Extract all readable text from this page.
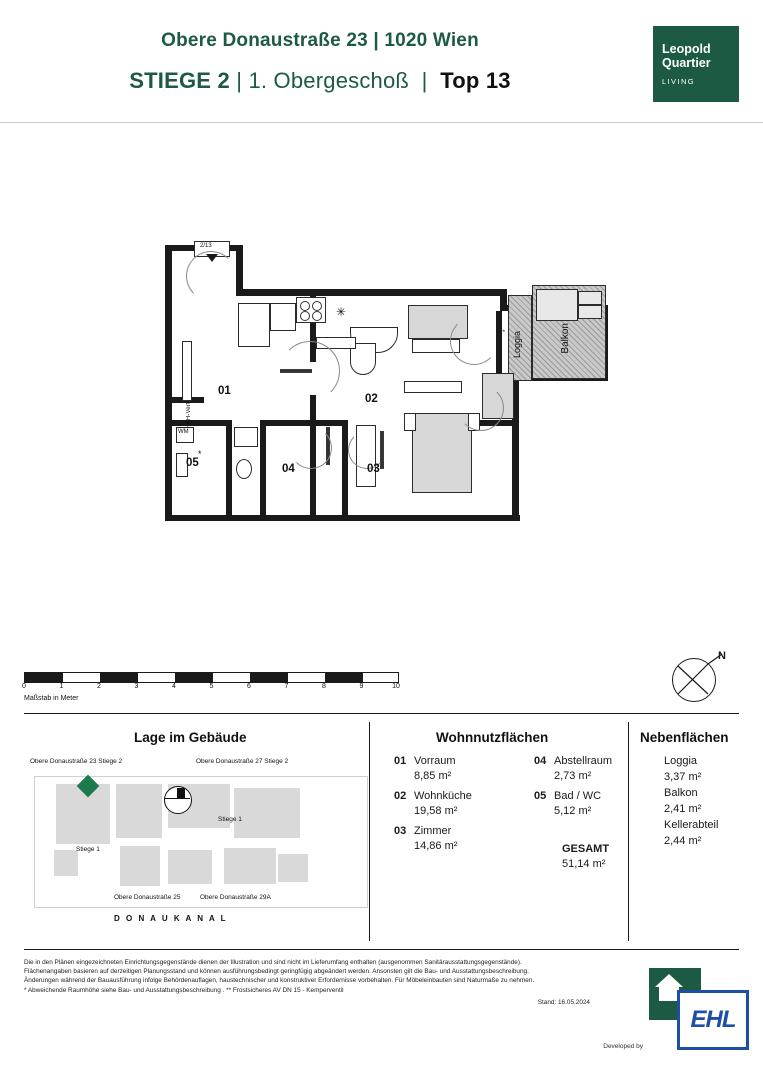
Obere Donaustraße 23 | 1020 Wien
STIEGE 2 | 1. Obergeschoß | Top 13
Leopold
Quartier
LIVING
Loggia	Balkon
**
2/13
FBH-Vert.
✳
WM
*
01
02
03
04
05
0	1	2	3	4	5	6	7	8	9	10
Maßstab in Meter
N
Lage im Gebäude	Wohnnutzflächen	Nebenflächen
Obere Donaustraße 23 Stiege 2	Obere Donaustraße 27 Stiege 2
Stiege 1
Stiege 1
Obere Donaustraße 25	Obere Donaustraße 29A
D O N A U K A N A L
01 Vorraum
8,85 m²
02 Wohnküche
19,58 m²
03 Zimmer
14,86 m²
04 Abstellraum
2,73 m²
05 Bad / WC
5,12 m²
GESAMT
51,14 m²
Loggia
3,37 m²
Balkon
2,41 m²
Kellerabteil
2,44 m²
Die in den Plänen eingezeichneten Einrichtungsgegenstände dienen der Illustration und sind nicht im Lieferumfang enthalten (ausgenommen Sanitärausstattungsgegenstände).
Flächenangaben basieren auf derzeitigen Planungsstand und können ausführungsbedingt geringfügig abgeändert werden. Ansonsten gilt die Bau- und Ausstattungsbeschreibung.
Änderungen während der Bauausführung infolge Behördenauflagen, haustechnischer und konstruktiver Erfordernisse vorbehalten. Für Möbeleinbauten sind Naturmaße zu nehmen.
* Abweichende Raumhöhe siehe Bau- und Ausstattungsbeschreibung . ** Frostsicheres AV DN 15 - Kemperventil
Stand: 16.05.2024
Developed by
EHL
